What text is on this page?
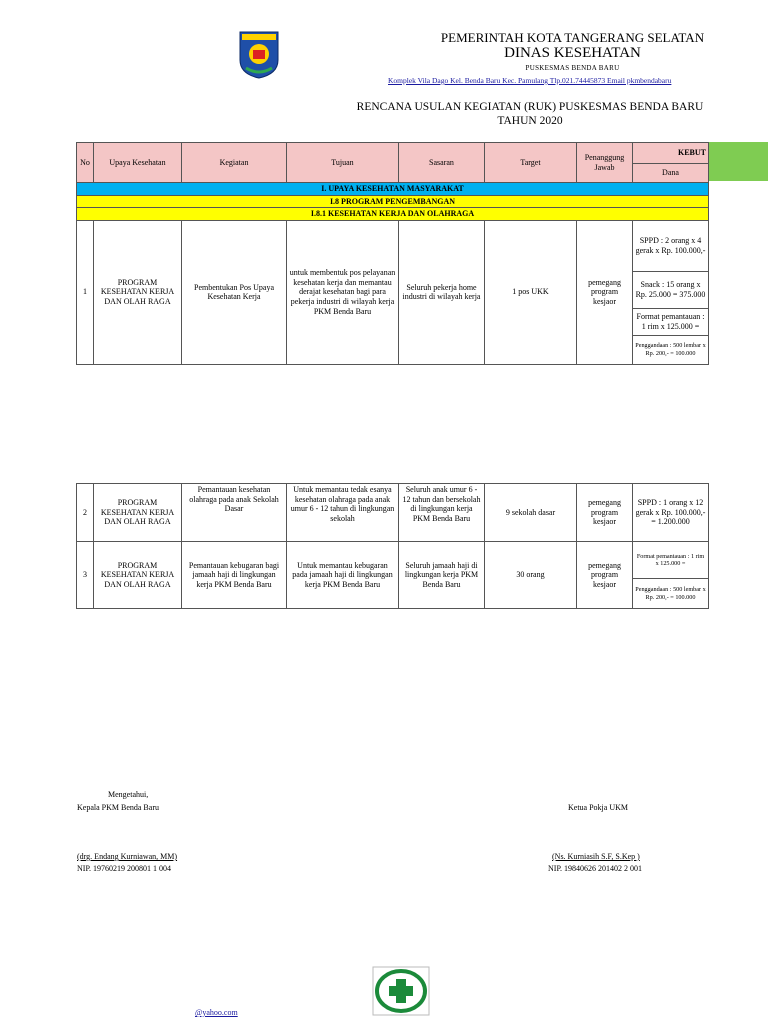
PEMERINTAH KOTA TANGERANG SELATAN
DINAS KESEHATAN
PUSKESMAS BENDA BARU
Komplek Vila Dago Kel. Benda Baru Kec. Pamulang Tlp.021.74445873 Email pkmbendabaru
RENCANA USULAN KEGIATAN (RUK) PUSKESMAS BENDA BARU
TAHUN 2020
No	Upaya Kesehatan	Kegiatan	Tujuan	Sasaran	Target	Penanggung Jawab	KEBUT
							Dana
I. UPAYA KESEHATAN MASYARAKAT							
I.8 PROGRAM PENGEMBANGAN							
I.8.1 KESEHATAN KERJA DAN OLAHRAGA							
1	PROGRAM KESEHATAN KERJA DAN OLAH RAGA	Pembentukan Pos Upaya Kesehatan Kerja	untuk membentuk pos pelayanan kesehatan kerja dan memantau derajat kesehatan bagi para pekerja industri di wilayah kerja PKM Benda Baru	Seluruh pekerja home industri di wilayah kerja	1 pos UKK	pemegang program kesjaor	SPPD : 2 orang x 4 gerak x Rp. 100.000,-
							Snack : 15 orang x Rp. 25.000 = 375.000
							Format pemantauan : 1 rim x 125.000 =
							Penggandaan : 500 lembar x Rp. 200,- = 100.000
2	PROGRAM KESEHATAN KERJA DAN OLAH RAGA	Pemantauan kesehatan olahraga pada anak Sekolah Dasar	Untuk memantau tedak esanya kesehatan olahraga pada anak umur 6 - 12 tahun di lingkungan sekolah	Seluruh anak umur 6 - 12 tahun dan bersekolah di lingkungan kerja PKM Benda Baru	9 sekolah dasar	pemegang program kesjaor	SPPD : 1 orang x 12 gerak x Rp. 100.000,- = 1.200.000
3	PROGRAM KESEHATAN KERJA DAN OLAH RAGA	Pemantauan kebugaran bagi jamaah haji di lingkungan kerja PKM Benda Baru	Untuk memantau kebugaran pada jamaah haji di lingkungan kerja PKM Benda Baru	Seluruh jamaah haji di lingkungan kerja PKM Benda Baru	30 orang	pemegang program kesjaor	Format pemantauan : 1 rim x 125.000 =
							Penggandaan : 500 lembar x Rp. 200,- = 100.000
Mengetahui,
Kepala PKM Benda Baru
(drg. Endang Kurniawan, MM)
NIP. 19760219 200801 1 004
Ketua Pokja UKM
(Ns. Kurniasih S.F, S.Kep )
NIP. 19840626 201402 2 001
@yahoo.com
